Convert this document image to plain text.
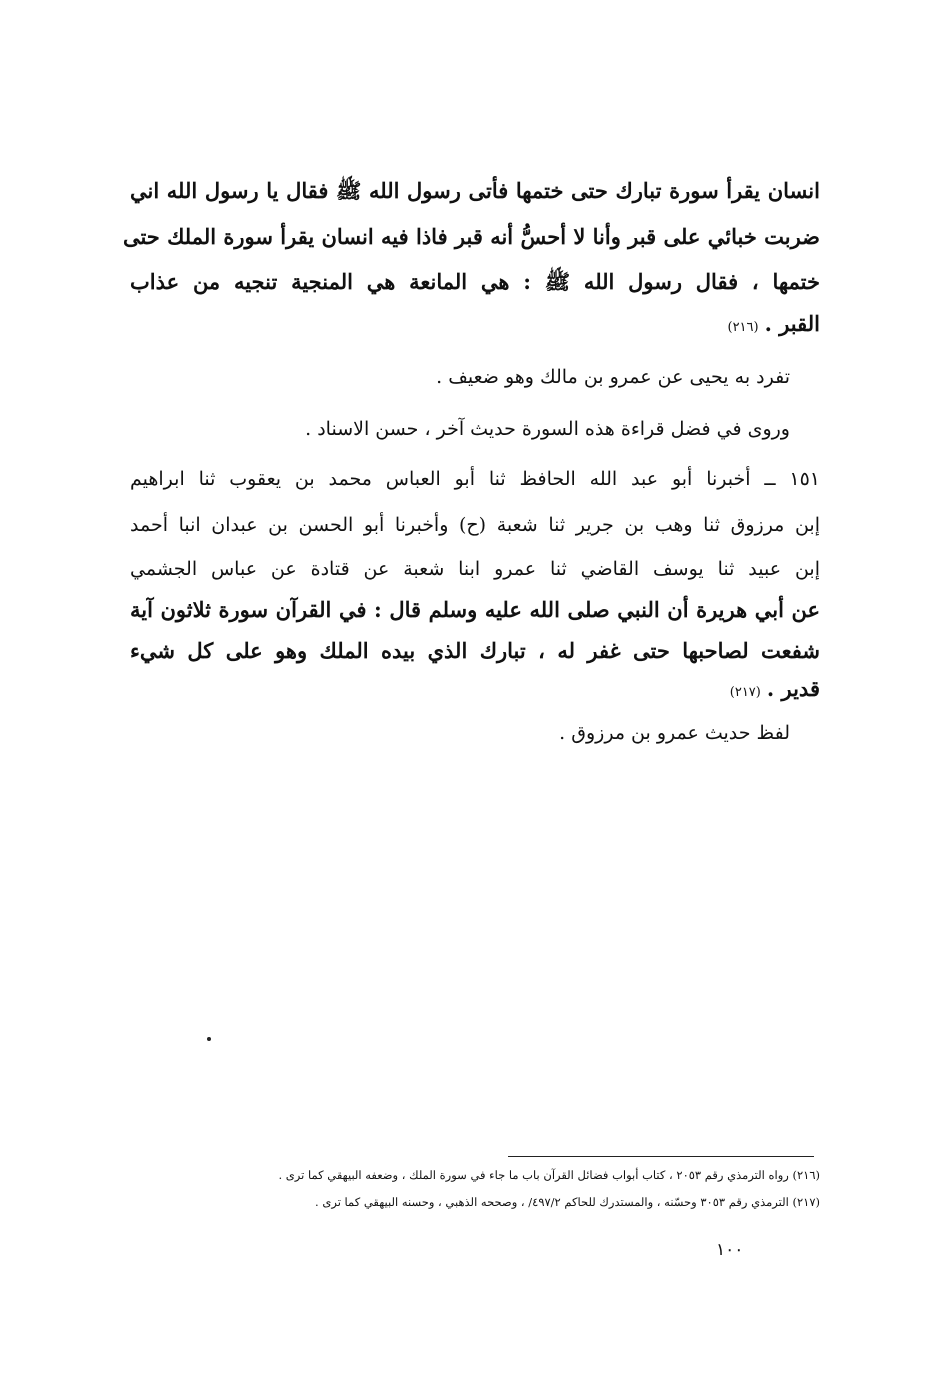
انسان يقرأ سورة تبارك حتى ختمها فأتى رسول الله ﷺ فقال يا رسول الله اني
ضربت خبائي على قبر وأنا لا أحسُّ أنه قبر فاذا فيه انسان يقرأ سورة الملك حتى
ختمها ، فقال رسول الله ﷺ : هي المانعة هي المنجية تنجيه من عذاب
القبر .(٢١٦)
تفرد به يحيى عن عمرو بن مالك وهو ضعيف .
وروى في فضل قراءة هذه السورة حديث آخر ، حسن الاسناد .
١٥١ ــ أخبرنا أبو عبد الله الحافظ ثنا أبو العباس محمد بن يعقوب ثنا ابراهيم
إبن مرزوق ثنا وهب بن جرير ثنا شعبة (ح) وأخبرنا أبو الحسن بن عبدان انبا أحمد
إبن عبيد ثنا يوسف القاضي ثنا عمرو ابنا شعبة عن قتادة عن عباس الجشمي
عن أبي هريرة أن النبي صلى الله عليه وسلم قال : في القرآن سورة ثلاثون آية
شفعت لصاحبها حتى غفر له ، تبارك الذي بيده الملك وهو على كل شيء
قدير .(٢١٧)
لفظ حديث عمرو بن مرزوق .
(٢١٦) رواه الترمذي رقم ٢٠٥٣ ، كتاب أبواب فضائل القرآن باب ما جاء في سورة الملك ، وضعفه البيهقي كما ترى .
(٢١٧) الترمذي رقم ٣٠٥٣ وحسّنه ، والمستدرك للحاكم ٤٩٧/٢/ ، وصححه الذهبي ، وحسنه البيهقي كما ترى .
١٠٠
